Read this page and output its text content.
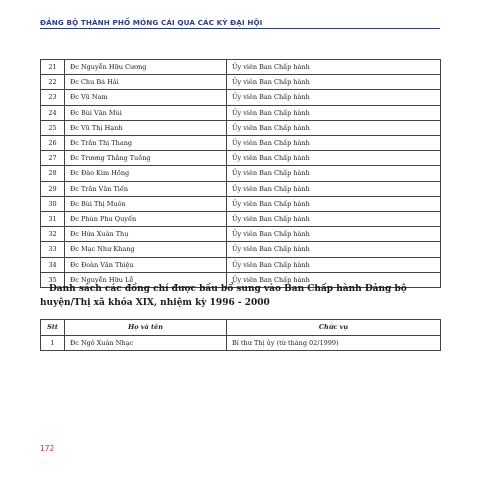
ĐẢNG BỘ THÀNH PHỐ MÓNG CÁI QUA CÁC KỲ ĐẠI HỘI
21	Đc Nguyễn Hữu Cương	Ủy viên Ban Chấp hành
22	Đc Chu Bá Hải	Ủy viên Ban Chấp hành
23	Đc Vũ Nam	Ủy viên Ban Chấp hành
24	Đc Bùi Văn Mùi	Ủy viên Ban Chấp hành
25	Đc Vũ Thị Hạnh	Ủy viên Ban Chấp hành
26	Đc Trần Thị Thang	Ủy viên Ban Chấp hành
27	Đc Trương Thắng Tuồng	Ủy viên Ban Chấp hành
28	Đc Đào Kim Hồng	Ủy viên Ban Chấp hành
29	Đc Trần Văn Tiến	Ủy viên Ban Chấp hành
30	Đc Bùi Thị Muôn	Ủy viên Ban Chấp hành
31	Đc Phùn Phu Quyến	Ủy viên Ban Chấp hành
32	Đc Hứa Xuân Thụ	Ủy viên Ban Chấp hành
33	Đc Mạc Như Khang	Ủy viên Ban Chấp hành
34	Đc Đoàn Văn Thiệu	Ủy viên Ban Chấp hành
35	Đc Nguyễn Hữu Lễ	Ủy viên Ban Chấp hành
Danh sách các đồng chí được bầu bổ sung vào Ban Chấp hành Đảng bộ huyện/Thị xã khóa XIX, nhiệm kỳ 1996 - 2000
Stt	Họ và tên	Chức vụ
1	Đc Ngô Xuân Nhạc	Bí thư Thị ủy (từ tháng 02/1999)
172
